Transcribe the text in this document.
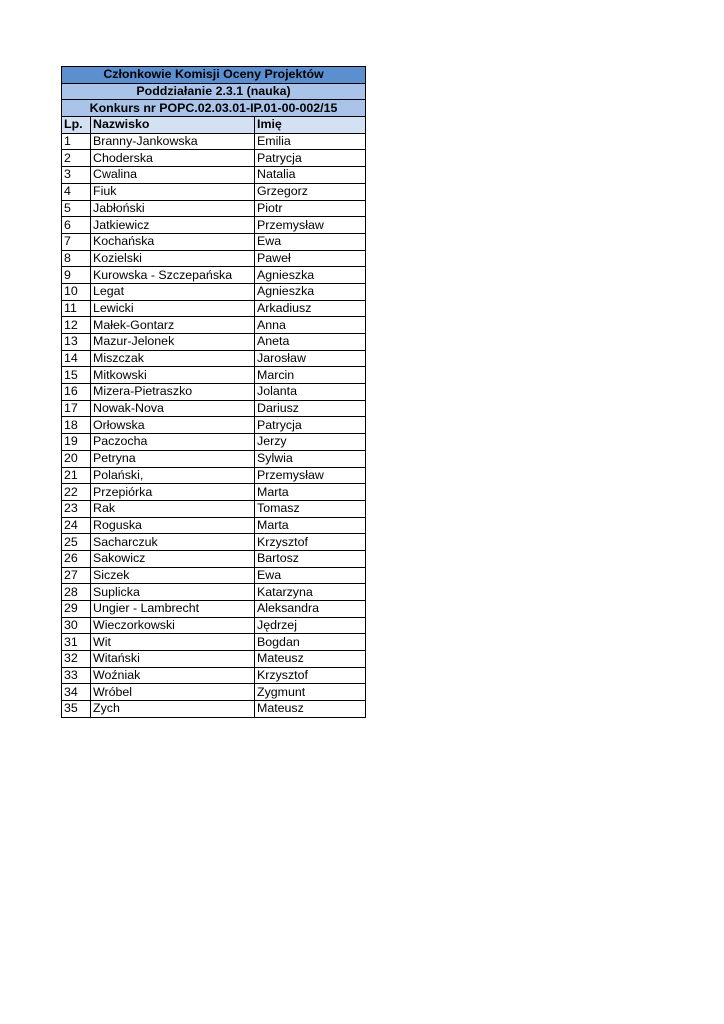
Członkowie Komisji Oceny Projektów		
Poddziałanie 2.3.1 (nauka)		
Konkurs nr POPC.02.03.01-IP.01-00-002/15		
Lp.	Nazwisko	Imię
1	Branny-Jankowska	Emilia
2	Choderska	Patrycja
3	Cwalina	Natalia
4	Fiuk	Grzegorz
5	Jabłoński	Piotr
6	Jatkiewicz	Przemysław
7	Kochańska	Ewa
8	Kozielski	Paweł
9	Kurowska - Szczepańska	Agnieszka
10	Legat	Agnieszka
11	Lewicki	Arkadiusz
12	Małek-Gontarz	Anna
13	Mazur-Jelonek	Aneta
14	Miszczak	Jarosław
15	Mitkowski	Marcin
16	Mizera-Pietraszko	Jolanta
17	Nowak-Nova	Dariusz
18	Orłowska	Patrycja
19	Paczocha	Jerzy
20	Petryna	Sylwia
21	Polański,	Przemysław
22	Przepiórka	Marta
23	Rak	Tomasz
24	Roguska	Marta
25	Sacharczuk	Krzysztof
26	Sakowicz	Bartosz
27	Siczek	Ewa
28	Suplicka	Katarzyna
29	Ungier - Lambrecht	Aleksandra
30	Wieczorkowski	Jędrzej
31	Wit	Bogdan
32	Witański	Mateusz
33	Woźniak	Krzysztof
34	Wróbel	Zygmunt
35	Zych	Mateusz
